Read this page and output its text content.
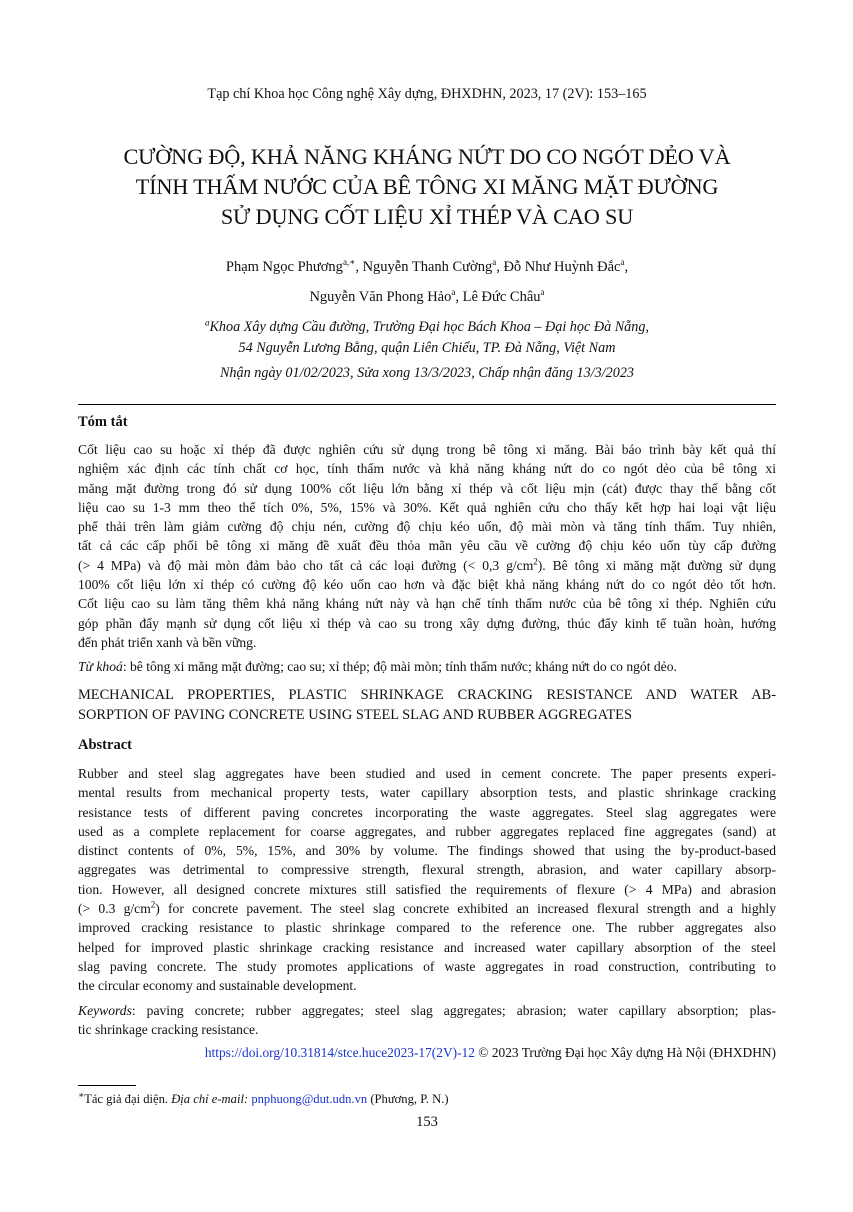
Tạp chí Khoa học Công nghệ Xây dựng, ĐHXDHN, 2023, 17 (2V): 153–165
CƯỜNG ĐỘ, KHẢ NĂNG KHÁNG NỨT DO CO NGÓT DẺO VÀ
TÍNH THẤM NƯỚC CỦA BÊ TÔNG XI MĂNG MẶT ĐƯỜNG
SỬ DỤNG CỐT LIỆU XỈ THÉP VÀ CAO SU
Phạm Ngọc Phương$^{a,∗}$, Nguyễn Thanh Cường$^a$, Đỗ Như Huỳnh Đắc$^a$,
Nguyễn Văn Phong Hảo$^a$, Lê Đức Châu$^a$
$^a$Khoa Xây dựng Cầu đường, Trường Đại học Bách Khoa – Đại học Đà Nẵng,
54 Nguyễn Lương Bằng, quận Liên Chiểu, TP. Đà Nẵng, Việt Nam
Nhận ngày 01/02/2023, Sửa xong 13/3/2023, Chấp nhận đăng 13/3/2023
Tóm tắt
Cốt liệu cao su hoặc xỉ thép đã được nghiên cứu sử dụng trong bê tông xi măng. Bài báo trình bày kết quả thí
nghiệm xác định các tính chất cơ học, tính thấm nước và khả năng kháng nứt do co ngót dẻo của bê tông xi
măng mặt đường trong đó sử dụng 100% cốt liệu lớn bằng xỉ thép và cốt liệu mịn (cát) được thay thế bằng cốt
liệu cao su 1-3 mm theo thể tích 0%, 5%, 15% và 30%. Kết quả nghiên cứu cho thấy kết hợp hai loại vật liệu
phế thải trên làm giảm cường độ chịu nén, cường độ chịu kéo uốn, độ mài mòn và tăng tính thấm. Tuy nhiên,
tất cả các cấp phối bê tông xi măng đề xuất đều thỏa mãn yêu cầu về cường độ chịu kéo uốn tùy cấp đường
(> 4 MPa) và độ mài mòn đảm bảo cho tất cả các loại đường (< 0,3 $g/cm^2$). Bê tông xi măng mặt đường sử dụng
100% cốt liệu lớn xỉ thép có cường độ kéo uốn cao hơn và đặc biệt khả năng kháng nứt do co ngót dẻo tốt hơn.
Cốt liệu cao su làm tăng thêm khả năng kháng nứt này và hạn chế tính thấm nước của bê tông xỉ thép. Nghiên cứu
góp phần đẩy mạnh sử dụng cốt liệu xỉ thép và cao su trong xây dựng đường, thúc đẩy kinh tế tuần hoàn, hướng
đến phát triển xanh và bền vững.
Từ khoá: bê tông xi măng mặt đường; cao su; xỉ thép; độ mài mòn; tính thấm nước; kháng nứt do co ngót dẻo.
MECHANICAL PROPERTIES, PLASTIC SHRINKAGE CRACKING RESISTANCE AND WATER AB-
SORPTION OF PAVING CONCRETE USING STEEL SLAG AND RUBBER AGGREGATES
Abstract
Rubber and steel slag aggregates have been studied and used in cement concrete. The paper presents experi-
mental results from mechanical property tests, water capillary absorption tests, and plastic shrinkage cracking
resistance tests of different paving concretes incorporating the waste aggregates. Steel slag aggregates were
used as a complete replacement for coarse aggregates, and rubber aggregates replaced fine aggregates (sand) at
distinct contents of 0%, 5%, 15%, and 30% by volume. The findings showed that using the by-product-based
aggregates was detrimental to compressive strength, flexural strength, abrasion, and water capillary absorp-
tion. However, all designed concrete mixtures still satisfied the requirements of flexure (> 4 MPa) and abrasion
(> 0.3 $g/cm^2$) for concrete pavement. The steel slag concrete exhibited an increased flexural strength and a highly
improved cracking resistance to plastic shrinkage compared to the reference one. The rubber aggregates also
helped for improved plastic shrinkage cracking resistance and increased water capillary absorption of the steel
slag paving concrete. The study promotes applications of waste aggregates in road construction, contributing to
the circular economy and sustainable development.
Keywords: paving concrete; rubber aggregates; steel slag aggregates; abrasion; water capillary absorption; plas-
tic shrinkage cracking resistance.
https://doi.org/10.31814/stce.huce2023-17(2V)-12 © 2023 Trường Đại học Xây dựng Hà Nội (ĐHXDHN)
∗Tác giả đại diện. Địa chỉ e-mail: pnphuong@dut.udn.vn (Phương, P. N.)
153
